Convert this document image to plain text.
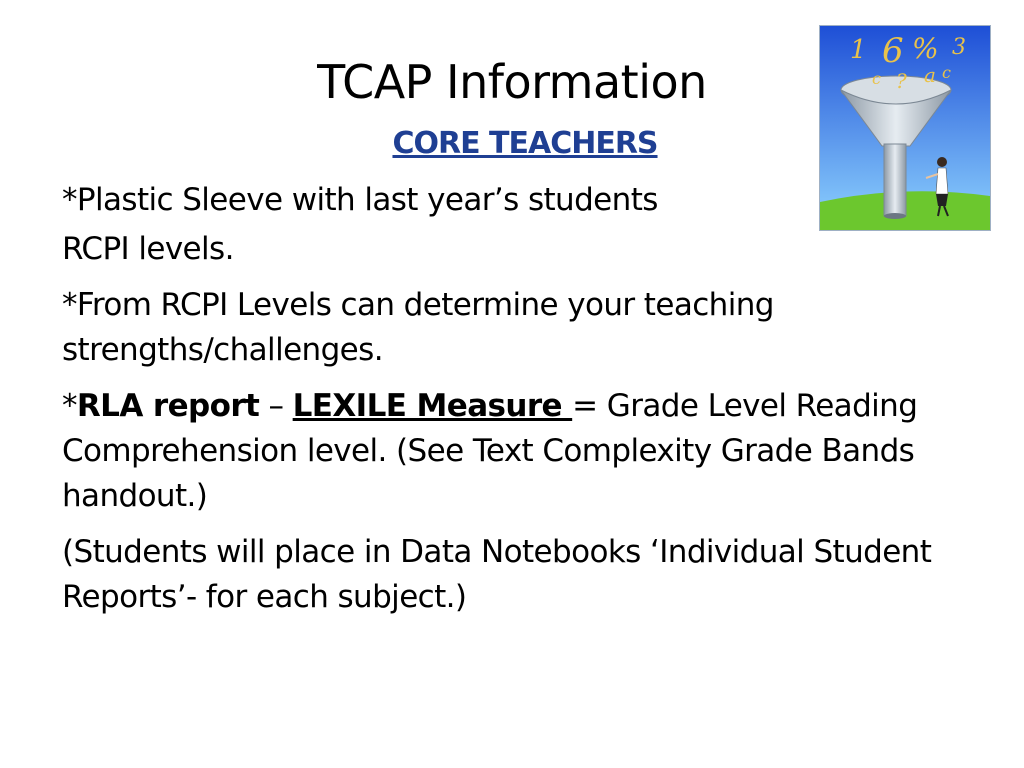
TCAP Information
CORE TEACHERS
*Plastic Sleeve with last year’s students
RCPI levels.
*From RCPI Levels can determine your teaching strengths/challenges.
*RLA report – LEXILE Measure = Grade Level Reading Comprehension level. (See Text Complexity Grade Bands handout.)
(Students will place in Data Notebooks ‘Individual Student Reports’- for each subject.)
1 6 % 3
c ? a c
